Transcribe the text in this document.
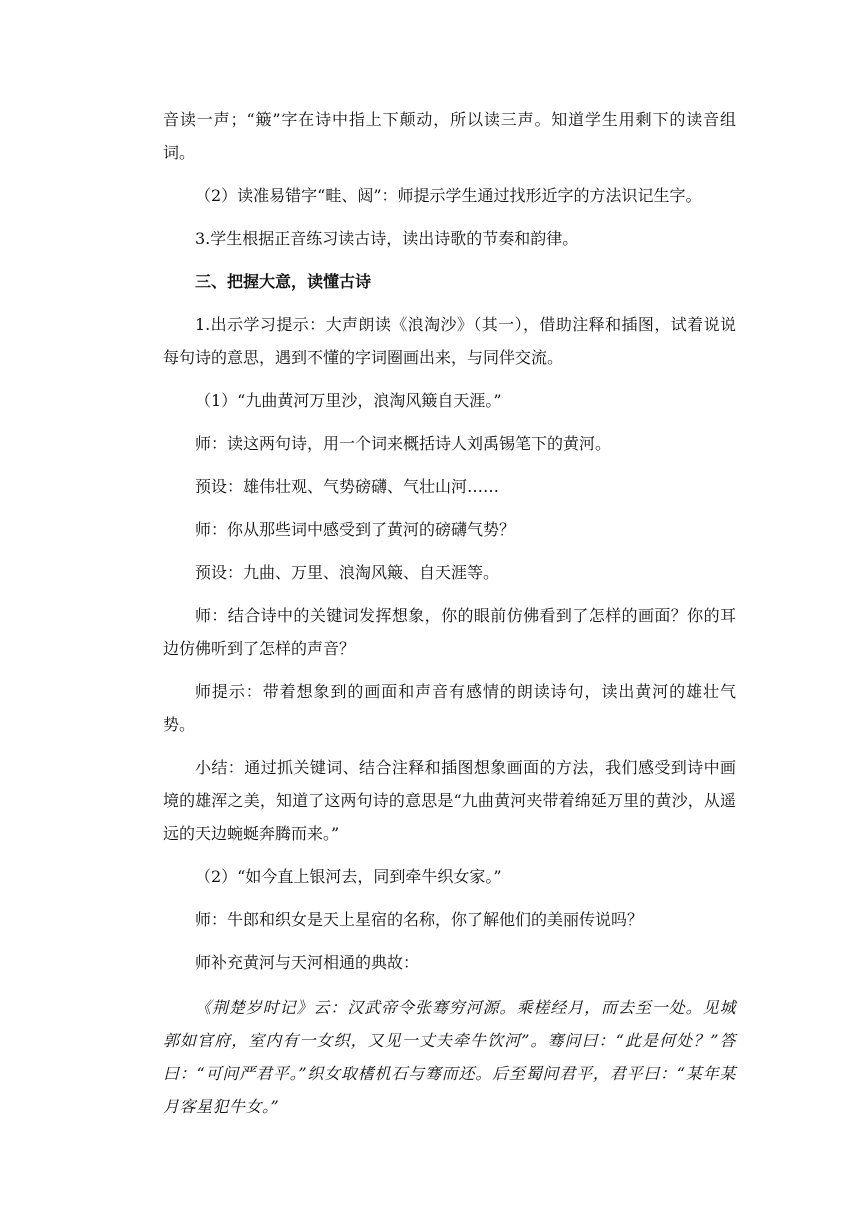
音读一声；“簸”字在诗中指上下颠动，所以读三声。知道学生用剩下的读音组词。

（2）读准易错字“畦、闼”：师提示学生通过找形近字的方法识记生字。

3.学生根据正音练习读古诗，读出诗歌的节奏和韵律。

三、把握大意，读懂古诗

1.出示学习提示：大声朗读《浪淘沙》（其一），借助注释和插图，试着说说每句诗的意思，遇到不懂的字词圈画出来，与同伴交流。

（1）“九曲黄河万里沙，浪淘风簸自天涯。”

师：读这两句诗，用一个词来概括诗人刘禹锡笔下的黄河。

预设：雄伟壮观、气势磅礴、气壮山河……

师：你从那些词中感受到了黄河的磅礴气势？

预设：九曲、万里、浪淘风簸、自天涯等。

师：结合诗中的关键词发挥想象，你的眼前仿佛看到了怎样的画面？你的耳边仿佛听到了怎样的声音？

师提示：带着想象到的画面和声音有感情的朗读诗句，读出黄河的雄壮气势。

小结：通过抓关键词、结合注释和插图想象画面的方法，我们感受到诗中画境的雄浑之美，知道了这两句诗的意思是“九曲黄河夹带着绵延万里的黄沙，从遥远的天边蜿蜒奔腾而来。”

（2）“如今直上银河去，同到牵牛织女家。”

师：牛郎和织女是天上星宿的名称，你了解他们的美丽传说吗？

师补充黄河与天河相通的典故：

《荆楚岁时记》云：汉武帝令张骞穷河源。乘槎经月，而去至一处。见城郭如官府，室内有一女织，又见一丈夫牵牛饮河”。骞问曰：“此是何处？”答曰：“可问严君平。”织女取榰机石与骞而还。后至蜀问君平，君平曰：“某年某月客星犯牛女。”
